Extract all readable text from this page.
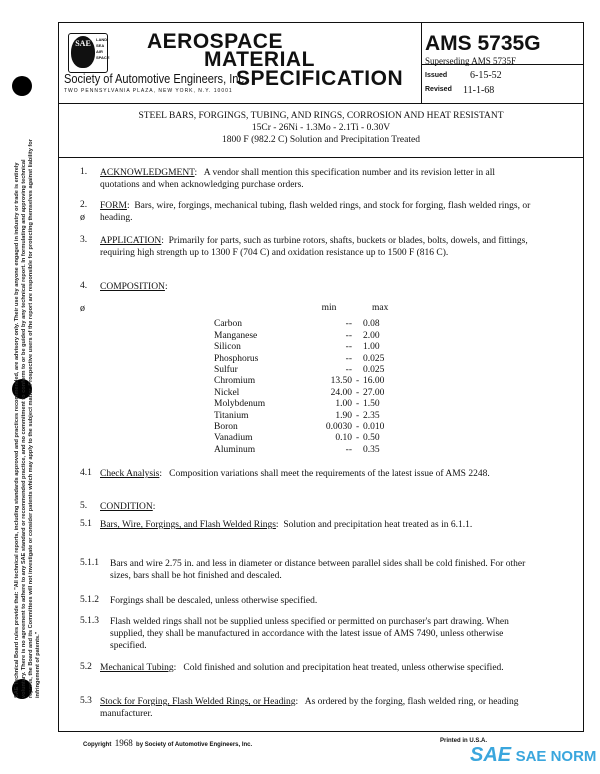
SAE Technical Board rules provide that: "All technical reports, including standards approved and practices recommended, are advisory only. Their use by anyone engaged in industry or trade is entirely voluntary. There is no agreement to adhere to any SAE standard or recommended practice, and no commitment to conform to or be guided by any technical report. In formulating and approving technical reports, the Board and its Committees will not investigate or consider patents which may apply to the subject matter. Prospective users of the report are responsible for protecting themselves against liability for infringement of patents."
SAE	LAND
SEA
AIR
SPACE
AEROSPACE
MATERIAL
SPECIFICATION
Society of Automotive Engineers, Inc.
TWO PENNSYLVANIA PLAZA, NEW YORK, N.Y. 10001
AMS 5735G
Superseding AMS 5735F
Issued 6-15-52
Revised 11-1-68
STEEL BARS, FORGINGS, TUBING, AND RINGS, CORROSION AND HEAT RESISTANT
15Cr - 26Ni - 1.3Mo - 2.1Ti - 0.30V
1800 F (982.2 C) Solution and Precipitation Treated
1. ACKNOWLEDGMENT:   A vendor shall mention this specification number and its revision letter in all quotations and when acknowledging purchase orders.
2.
ø
FORM:  Bars, wire, forgings, mechanical tubing, flash welded rings, and stock for forging, flash welded rings, or heading.
3. APPLICATION:  Primarily for parts, such as turbine rotors, shafts, buckets or blades, bolts, dowels, and fittings, requiring high strength up to 1300 F (704 C) and oxidation resistance up to 1500 F (816 C).
4. COMPOSITION:
ø	min	max
Carbon	-- 0.08
Manganese	-- 2.00
Silicon	-- 1.00
Phosphorus	-- 0.025
Sulfur	-- 0.025
Chromium	13.50 - 16.00
Nickel	24.00 - 27.00
Molybdenum	1.00 - 1.50
Titanium	1.90 - 2.35
Boron	0.0030 - 0.010
Vanadium	0.10 - 0.50
Aluminum	-- 0.35
4.1 Check Analysis:   Composition variations shall meet the requirements of the latest issue of AMS 2248.
5. CONDITION:
5.1 Bars, Wire, Forgings, and Flash Welded Rings:  Solution and precipitation heat treated as in 6.1.1.
5.1.1 Bars and wire 2.75 in. and less in diameter or distance between parallel sides shall be cold finished. For other sizes, bars shall be hot finished and descaled.
5.1.2 Forgings shall be descaled, unless otherwise specified.
5.1.3 Flash welded rings shall not be supplied unless specified or permitted on purchaser's part drawing. When supplied, they shall be manufactured in accordance with the latest issue of AMS 7490, unless otherwise specified.
5.2 Mechanical Tubing:   Cold finished and solution and precipitation heat treated, unless otherwise specified.
5.3 Stock for Forging, Flash Welded Rings, or Heading:   As ordered by the forging, flash welded ring, or heading manufacturer.
Copyright 1968 by Society of Automotive Engineers, Inc.
Printed in U.S.A.
SAE SAE NORM
